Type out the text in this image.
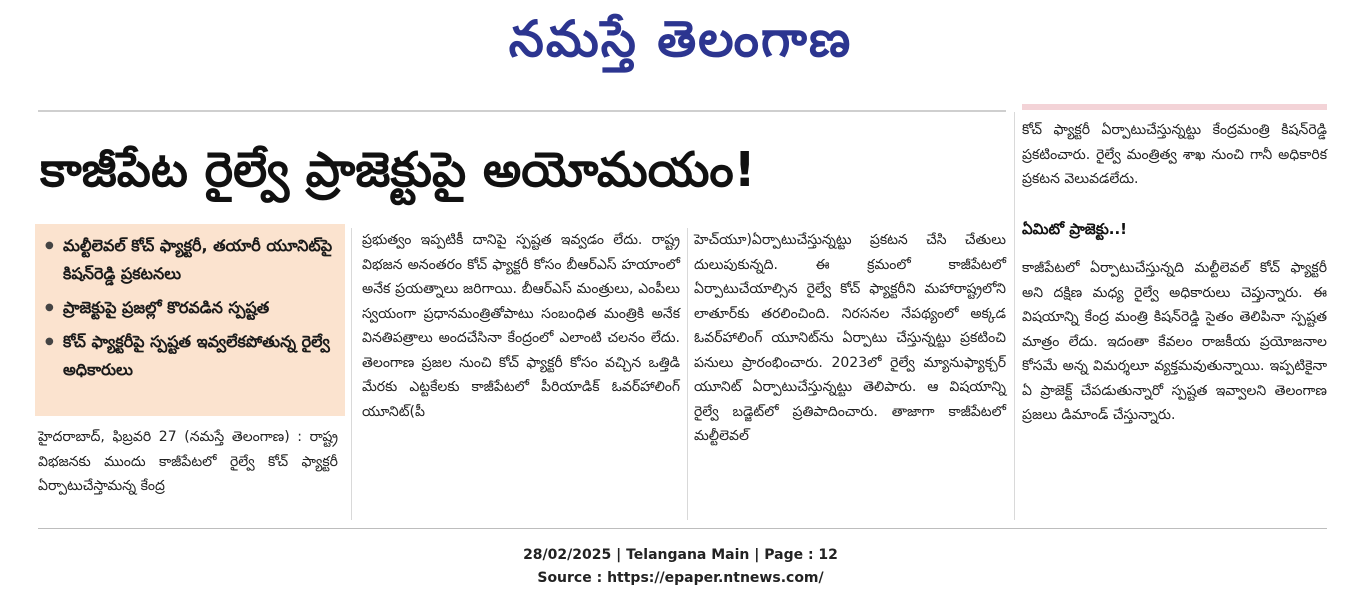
నమస్తే తెలంగాణ
కాజీపేట రైల్వే ప్రాజెక్టుపై అయోమయం!
● మల్టీలెవల్ కోచ్ ఫ్యాక్టరీ, తయారీ యూనిట్‌పై కిషన్‌రెడ్డి ప్రకటనలు
● ప్రాజెక్టుపై ప్రజల్లో కొరవడిన స్పష్టత
● కోచ్ ఫ్యాక్టరీపై స్పష్టత ఇవ్వలేకపోతున్న రైల్వే అధికారులు

హైదరాబాద్, ఫిబ్రవరి 27 (నమస్తే తెలంగాణ) : రాష్ట్ర విభజనకు ముందు కాజీపేటలో రైల్వే కోచ్ ఫ్యాక్టరీ ఏర్పాటుచేస్తామన్న కేంద్ర

ప్రభుత్వం ఇప్పటికీ దానిపై స్పష్టత ఇవ్వడం లేదు. రాష్ట్ర విభజన అనంతరం కోచ్ ఫ్యాక్టరీ కోసం బీఆర్‌ఎస్ హయాంలో అనేక ప్రయత్నాలు జరిగాయి. బీఆర్‌ఎస్ మంత్రులు, ఎంపీలు స్వయంగా ప్రధానమంత్రితోపాటు సంబంధిత మంత్రికి అనేక వినతిపత్రాలు అందచేసినా కేంద్రంలో ఎలాంటి చలనం లేదు. తెలంగాణ ప్రజల నుంచి కోచ్ ఫ్యాక్టరీ కోసం వచ్చిన ఒత్తిడి మేరకు ఎట్టకేలకు కాజీపేటలో పీరియాడిక్ ఓవర్‌హాలింగ్ యూనిట్(పీ

హెచ్‌యూ)ఏర్పాటుచేస్తున్నట్టు ప్రకటన చేసి చేతులు దులుపుకున్నది. ఈ క్రమంలో కాజీపేటలో ఏర్పాటుచేయాల్సిన రైల్వే కోచ్ ఫ్యాక్టరీని మహారాష్ట్రలోని లాతూర్‌కు తరలించింది. నిరసనల నేపథ్యంలో అక్కడ ఓవర్‌హాలింగ్ యూనిట్‌ను ఏర్పాటు చేస్తున్నట్టు ప్రకటించి పనులు ప్రారంభించారు. 2023లో రైల్వే మ్యానుఫ్యాక్చర్ యూనిట్ ఏర్పాటుచేస్తున్నట్టు తెలిపారు. ఆ విషయాన్ని రైల్వే బడ్జెట్‌లో ప్రతిపాదించారు. తాజాగా కాజీపేటలో మల్టీలెవల్

కోచ్ ఫ్యాక్టరీ ఏర్పాటుచేస్తున్నట్టు కేంద్రమంత్రి కిషన్‌రెడ్డి ప్రకటించారు. రైల్వే మంత్రిత్వ శాఖ నుంచి గానీ అధికారిక ప్రకటన వెలువడలేదు.

ఏమిటో ప్రాజెక్టు..!

కాజీపేటలో ఏర్పాటుచేస్తున్నది మల్టీలెవల్ కోచ్ ఫ్యాక్టరీ అని దక్షిణ మధ్య రైల్వే అధికారులు చెప్తున్నారు. ఈ విషయాన్ని కేంద్ర మంత్రి కిషన్‌రెడ్డి సైతం తెలిపినా స్పష్టత మాత్రం లేదు. ఇదంతా కేవలం రాజకీయ ప్రయోజనాల కోసమే అన్న విమర్శలూ వ్యక్తమవుతున్నాయి. ఇప్పటికైనా ఏ ప్రాజెక్ట్ చేపడుతున్నారో స్పష్టత ఇవ్వాలని తెలంగాణ ప్రజలు డిమాండ్ చేస్తున్నారు.

28/02/2025 | Telangana Main | Page : 12
Source : https://epaper.ntnews.com/
